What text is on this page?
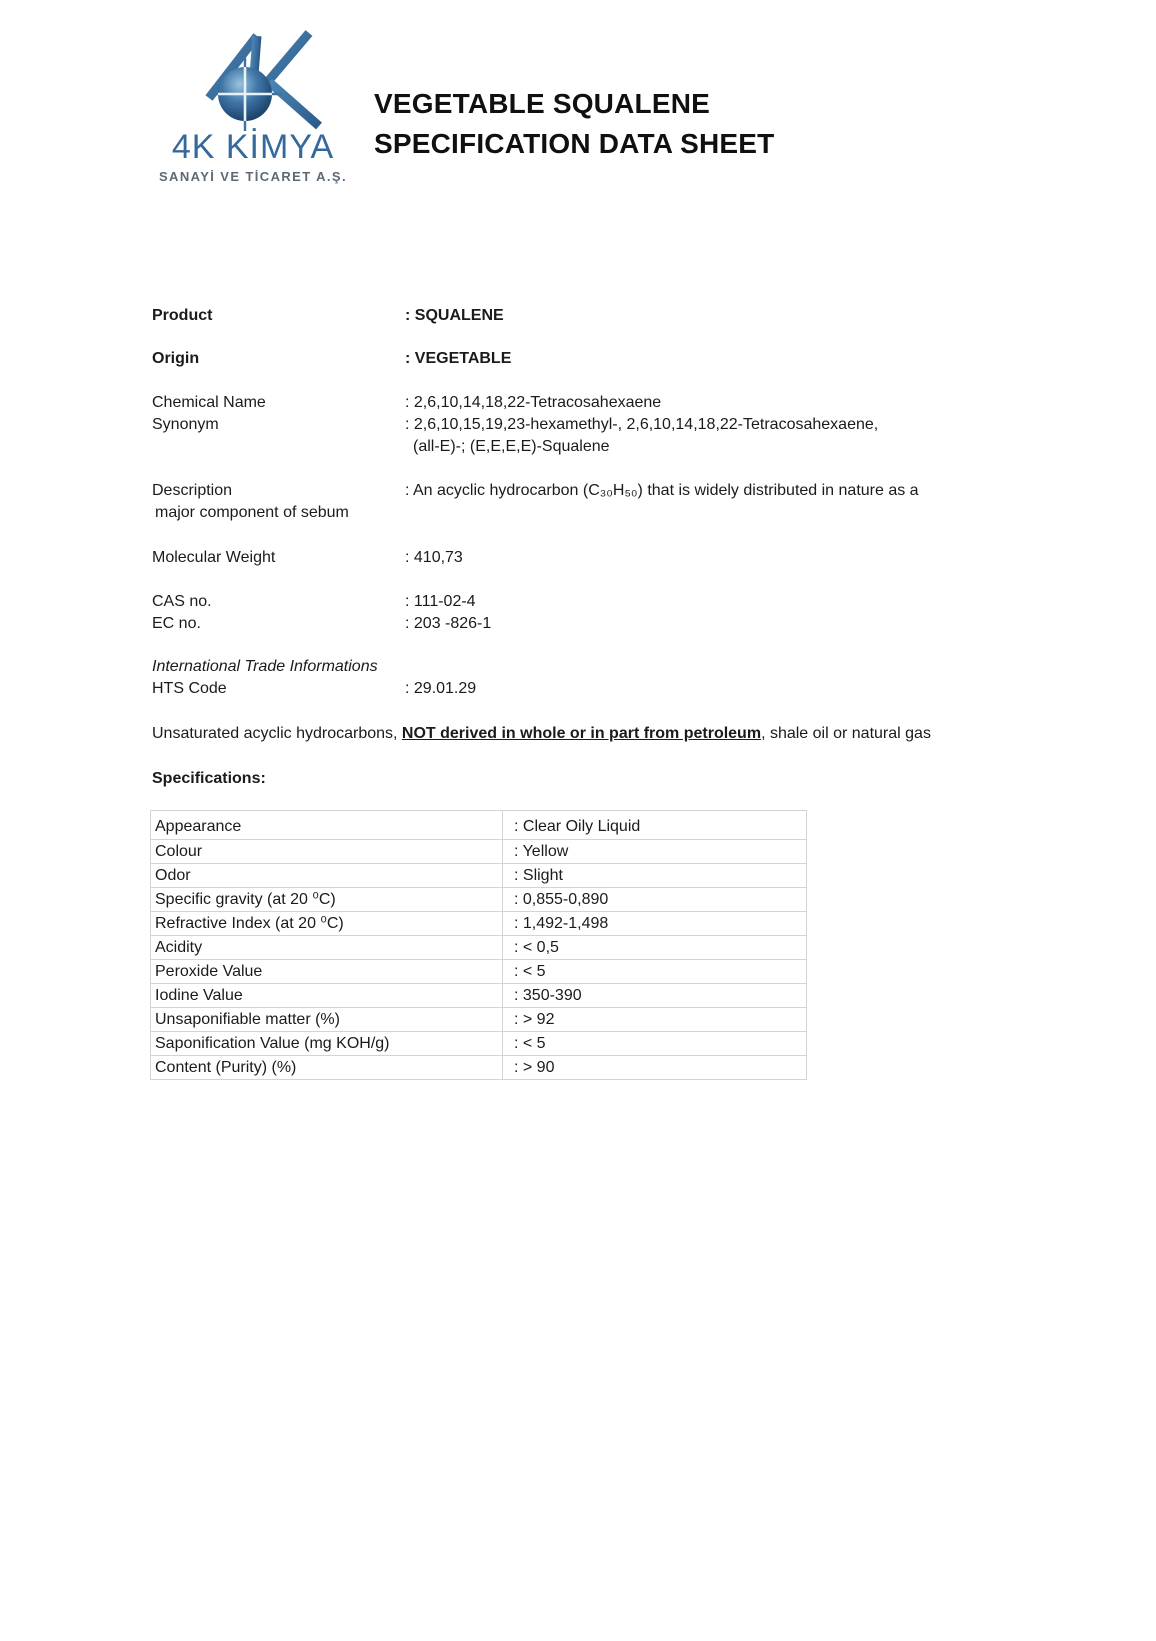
4K KİMYA
SANAYİ VE TİCARET A.Ş.
VEGETABLE SQUALENE
SPECIFICATION DATA SHEET
Product	: SQUALENE
Origin	: VEGETABLE
Chemical Name	: 2,6,10,14,18,22-Tetracosahexaene
Synonym	: 2,6,10,15,19,23-hexamethyl-, 2,6,10,14,18,22-Tetracosahexaene,
(all-E)-; (E,E,E,E)-Squalene
Description	: An acyclic hydrocarbon (C₃₀H₅₀) that is widely distributed in nature as a
major component of sebum
Molecular Weight	: 410,73
CAS no.	: 111-02-4
EC no.	: 203 -826-1
International Trade Informations
HTS Code	: 29.01.29
Unsaturated acyclic hydrocarbons, NOT derived in whole or in part from petroleum, shale oil or natural gas
Specifications:
Appearance	: Clear Oily Liquid
Colour	: Yellow
Odor	: Slight
Specific gravity (at 20 ⁰C)	: 0,855-0,890
Refractive Index (at 20 ⁰C)	: 1,492-1,498
Acidity	: < 0,5
Peroxide Value	: < 5
Iodine Value	: 350-390
Unsaponifiable matter (%)	: > 92
Saponification Value (mg KOH/g)	: < 5
Content (Purity) (%)	: > 90
